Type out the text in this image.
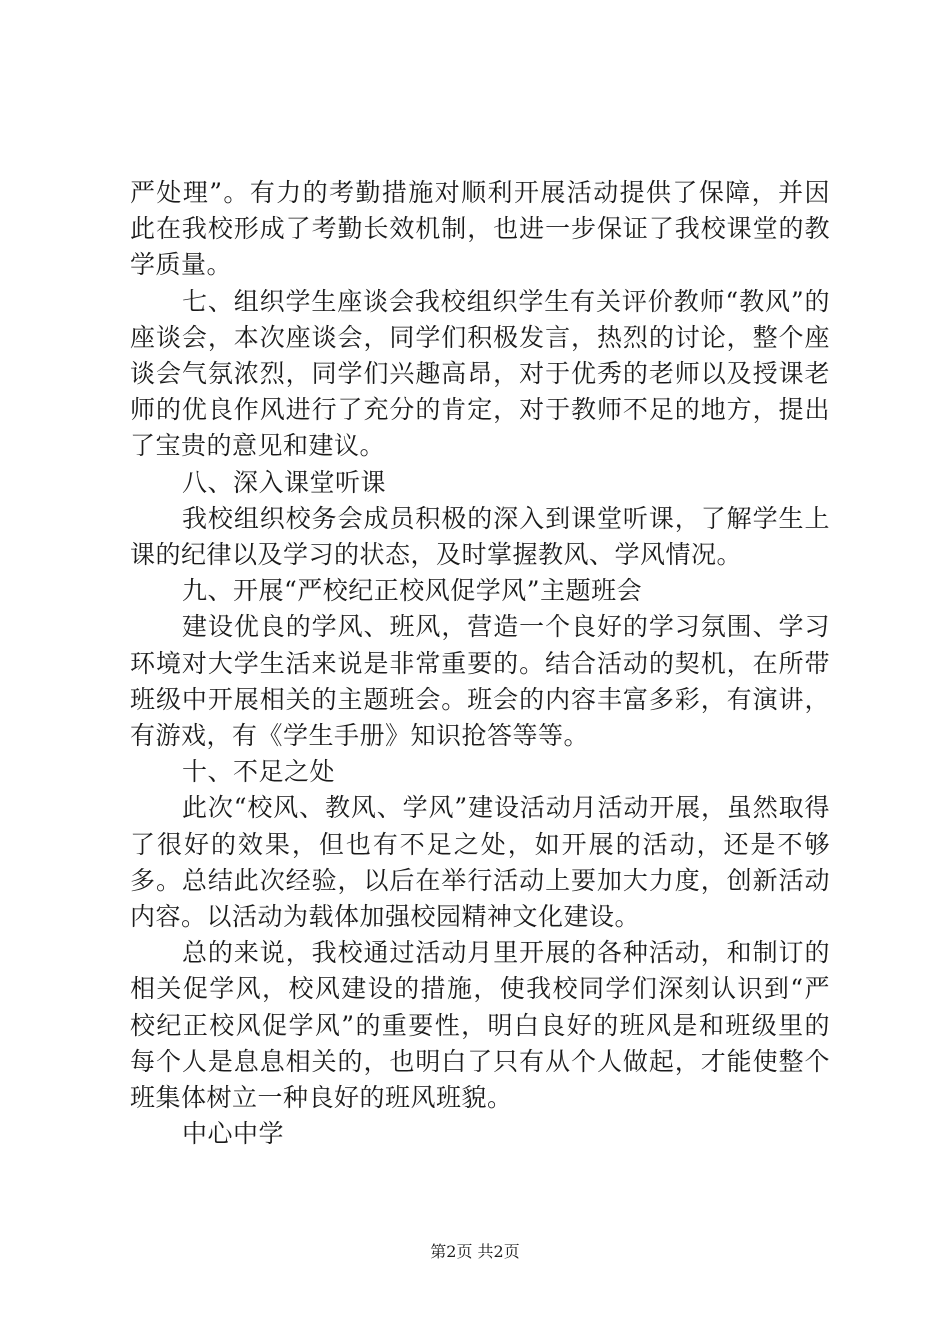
严处理”。有力的考勤措施对顺利开展活动提供了保障，并因此在我校形成了考勤长效机制，也进一步保证了我校课堂的教学质量。

七、组织学生座谈会我校组织学生有关评价教师“教风”的座谈会，本次座谈会，同学们积极发言，热烈的讨论，整个座谈会气氛浓烈，同学们兴趣高昂，对于优秀的老师以及授课老师的优良作风进行了充分的肯定，对于教师不足的地方，提出了宝贵的意见和建议。

八、深入课堂听课

我校组织校务会成员积极的深入到课堂听课，了解学生上课的纪律以及学习的状态，及时掌握教风、学风情况。

九、开展“严校纪正校风促学风”主题班会

建设优良的学风、班风，营造一个良好的学习氛围、学习环境对大学生活来说是非常重要的。结合活动的契机，在所带班级中开展相关的主题班会。班会的内容丰富多彩，有演讲，有游戏，有《学生手册》知识抢答等等。

十、不足之处

此次“校风、教风、学风”建设活动月活动开展，虽然取得了很好的效果，但也有不足之处，如开展的活动，还是不够多。总结此次经验，以后在举行活动上要加大力度，创新活动内容。以活动为载体加强校园精神文化建设。

总的来说，我校通过活动月里开展的各种活动，和制订的相关促学风，校风建设的措施，使我校同学们深刻认识到“严校纪正校风促学风”的重要性，明白良好的班风是和班级里的每个人是息息相关的，也明白了只有从个人做起，才能使整个班集体树立一种良好的班风班貌。

中心中学

第2页 共2页
